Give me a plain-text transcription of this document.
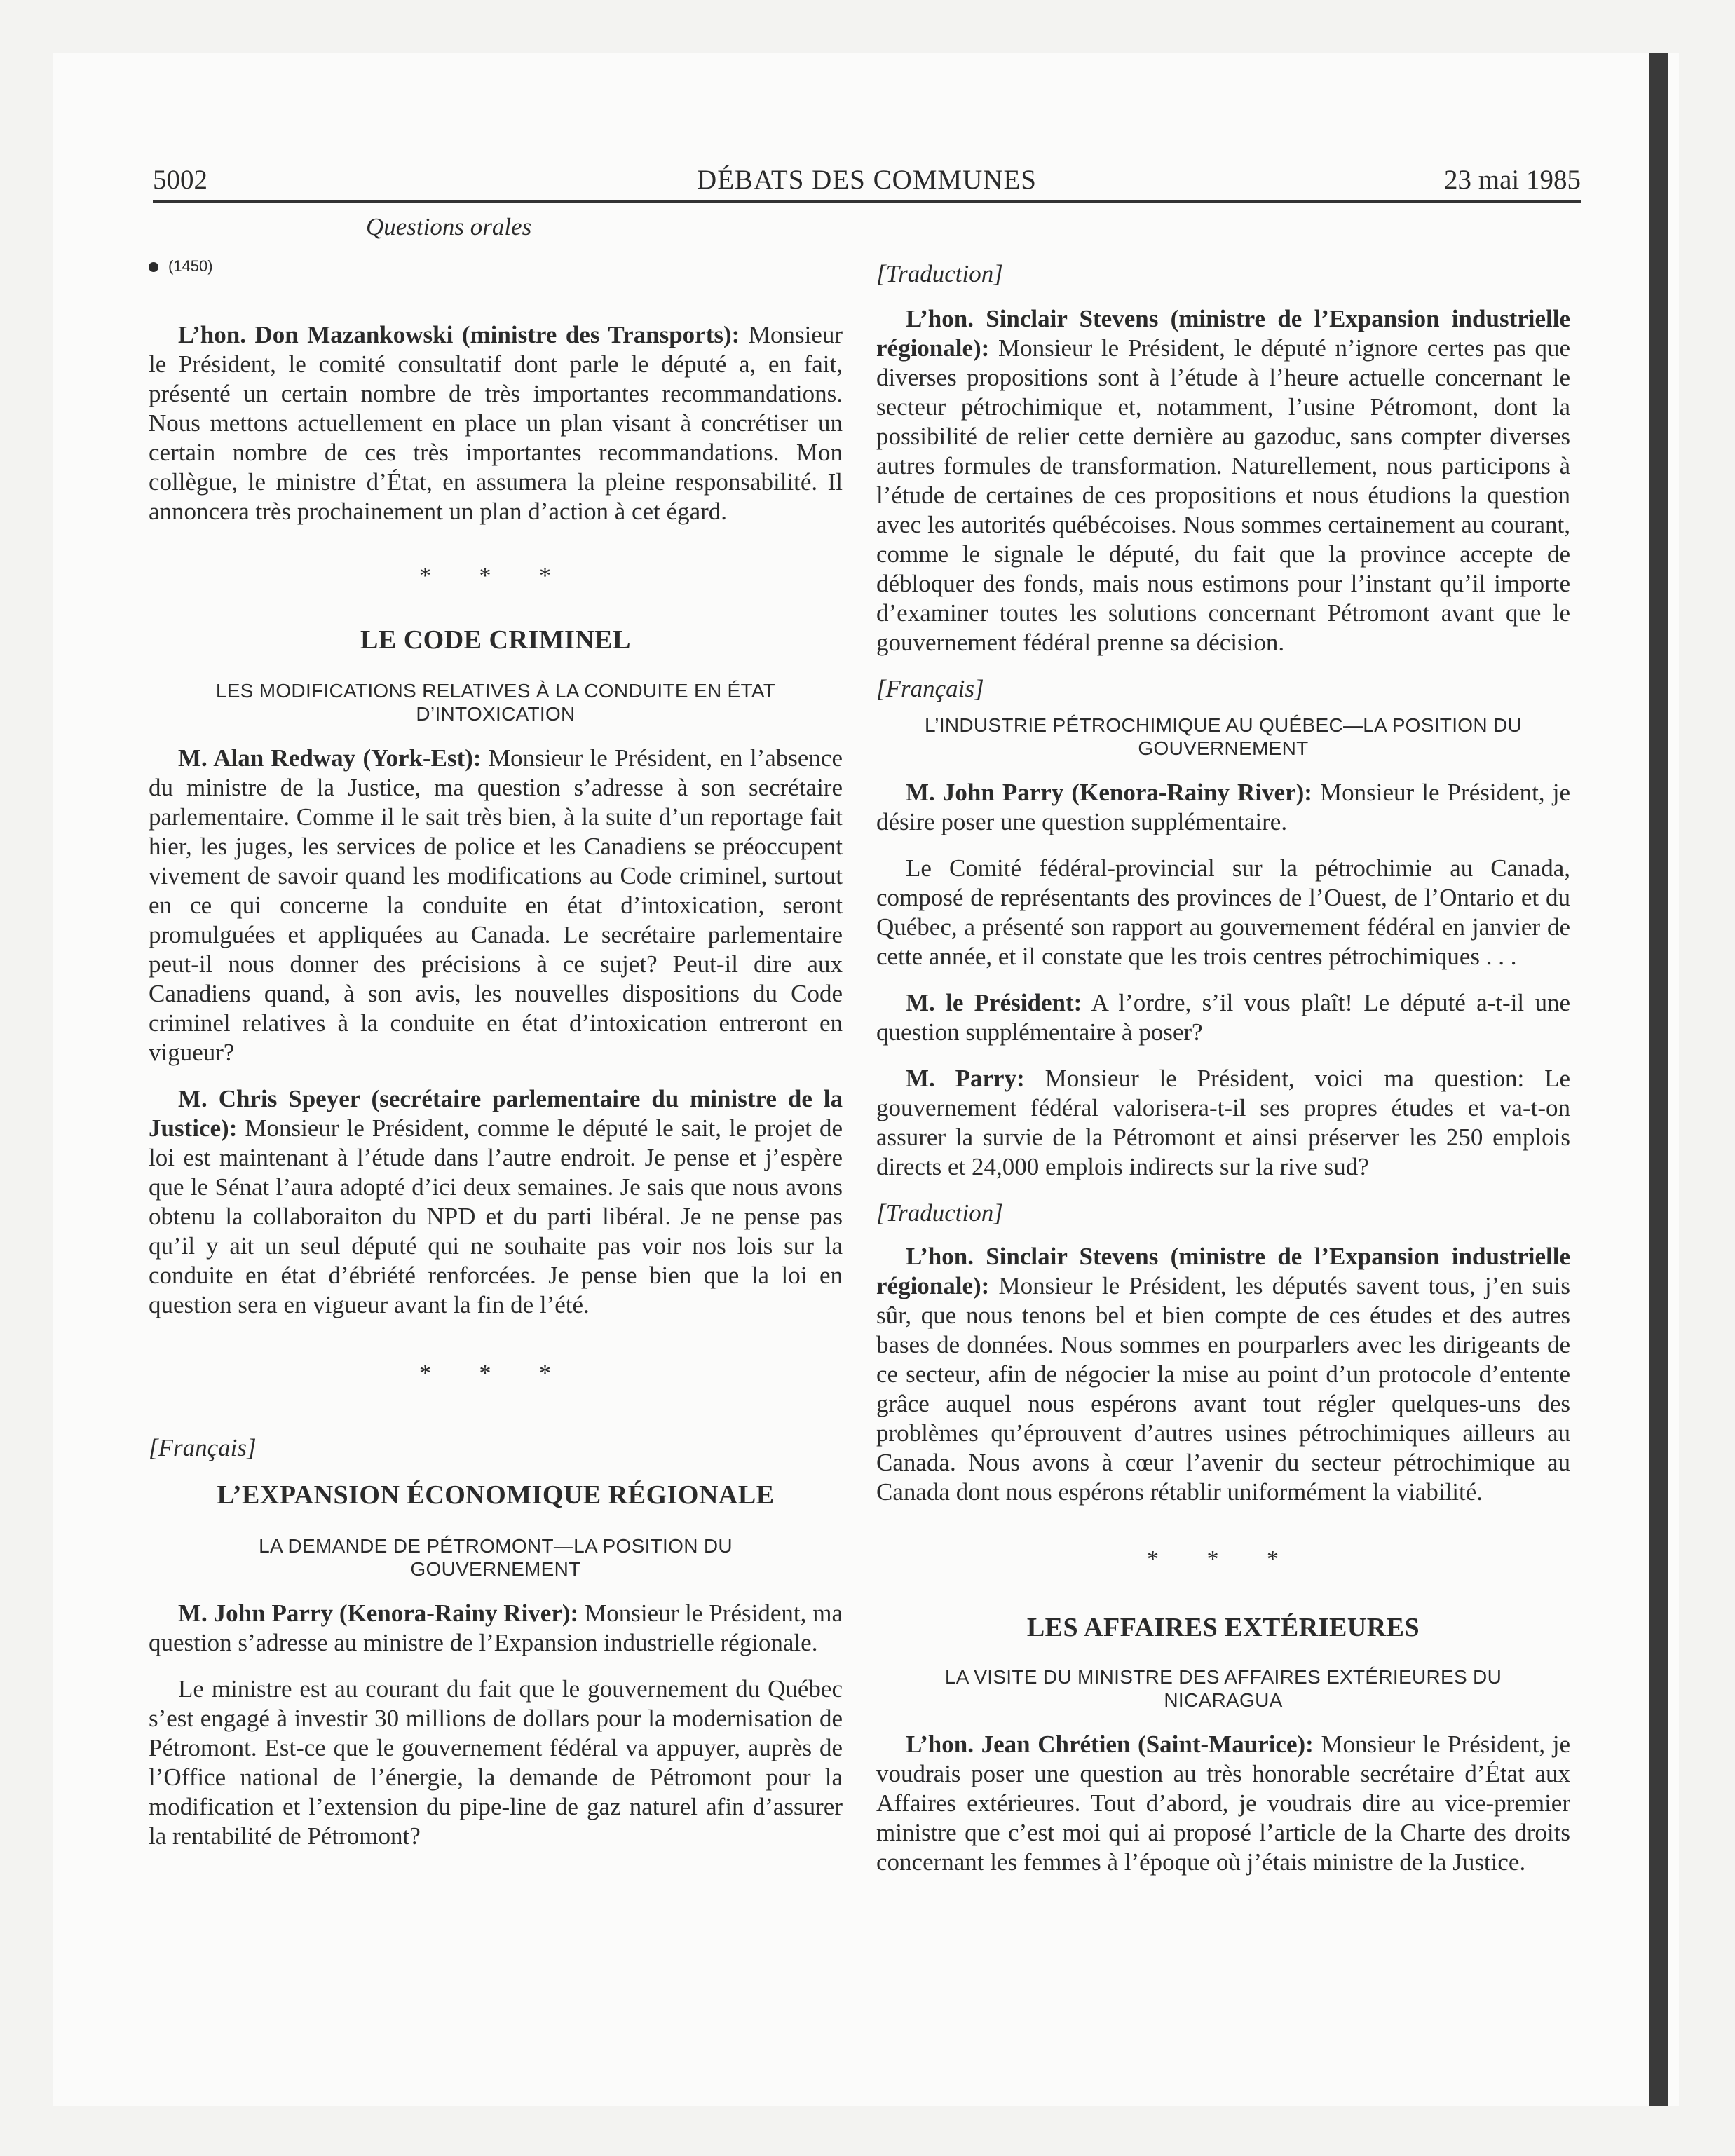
5002	DÉBATS DES COMMUNES	23 mai 1985
Questions orales
(1450)

L’hon. Don Mazankowski (ministre des Transports): Monsieur le Président, le comité consultatif dont parle le député a, en fait, présenté un certain nombre de très importantes recommandations. Nous mettons actuellement en place un plan visant à concrétiser un certain nombre de ces très importantes recommandations. Mon collègue, le ministre d’État, en assumera la pleine responsabilité. Il annoncera très prochainement un plan d’action à cet égard.

* * *
LE CODE CRIMINEL
LES MODIFICATIONS RELATIVES À LA CONDUITE EN ÉTAT D’INTOXICATION

M. Alan Redway (York-Est): Monsieur le Président, en l’absence du ministre de la Justice, ma question s’adresse à son secrétaire parlementaire. Comme il le sait très bien, à la suite d’un reportage fait hier, les juges, les services de police et les Canadiens se préoccupent vivement de savoir quand les modifications au Code criminel, surtout en ce qui concerne la conduite en état d’intoxication, seront promulguées et appliquées au Canada. Le secrétaire parlementaire peut-il nous donner des précisions à ce sujet? Peut-il dire aux Canadiens quand, à son avis, les nouvelles dispositions du Code criminel relatives à la conduite en état d’intoxication entreront en vigueur?

M. Chris Speyer (secrétaire parlementaire du ministre de la Justice): Monsieur le Président, comme le député le sait, le projet de loi est maintenant à l’étude dans l’autre endroit. Je pense et j’espère que le Sénat l’aura adopté d’ici deux semaines. Je sais que nous avons obtenu la collaboraiton du NPD et du parti libéral. Je ne pense pas qu’il y ait un seul député qui ne souhaite pas voir nos lois sur la conduite en état d’ébriété renforcées. Je pense bien que la loi en question sera en vigueur avant la fin de l’été.

* * *
[Français]
L’EXPANSION ÉCONOMIQUE RÉGIONALE
LA DEMANDE DE PÉTROMONT—LA POSITION DU GOUVERNEMENT

M. John Parry (Kenora-Rainy River): Monsieur le Président, ma question s’adresse au ministre de l’Expansion industrielle régionale.

Le ministre est au courant du fait que le gouvernement du Québec s’est engagé à investir 30 millions de dollars pour la modernisation de Pétromont. Est-ce que le gouvernement fédéral va appuyer, auprès de l’Office national de l’énergie, la demande de Pétromont pour la modification et l’extension du pipe-line de gaz naturel afin d’assurer la rentabilité de Pétromont?

[Traduction]

L’hon. Sinclair Stevens (ministre de l’Expansion industrielle régionale): Monsieur le Président, le député n’ignore certes pas que diverses propositions sont à l’étude à l’heure actuelle concernant le secteur pétrochimique et, notamment, l’usine Pétromont, dont la possibilité de relier cette dernière au gazoduc, sans compter diverses autres formules de transformation. Naturellement, nous participons à l’étude de certaines de ces propositions et nous étudions la question avec les autorités québécoises. Nous sommes certainement au courant, comme le signale le député, du fait que la province accepte de débloquer des fonds, mais nous estimons pour l’instant qu’il importe d’examiner toutes les solutions concernant Pétromont avant que le gouvernement fédéral prenne sa décision.

[Français]
L’INDUSTRIE PÉTROCHIMIQUE AU QUÉBEC—LA POSITION DU GOUVERNEMENT

M. John Parry (Kenora-Rainy River): Monsieur le Président, je désire poser une question supplémentaire.

Le Comité fédéral-provincial sur la pétrochimie au Canada, composé de représentants des provinces de l’Ouest, de l’Ontario et du Québec, a présenté son rapport au gouvernement fédéral en janvier de cette année, et il constate que les trois centres pétrochimiques . . .

M. le Président: A l’ordre, s’il vous plaît! Le député a-t-il une question supplémentaire à poser?

M. Parry: Monsieur le Président, voici ma question: Le gouvernement fédéral valorisera-t-il ses propres études et va-t-on assurer la survie de la Pétromont et ainsi préserver les 250 emplois directs et 24,000 emplois indirects sur la rive sud?

[Traduction]

L’hon. Sinclair Stevens (ministre de l’Expansion industrielle régionale): Monsieur le Président, les députés savent tous, j’en suis sûr, que nous tenons bel et bien compte de ces études et des autres bases de données. Nous sommes en pourparlers avec les dirigeants de ce secteur, afin de négocier la mise au point d’un protocole d’entente grâce auquel nous espérons avant tout régler quelques-uns des problèmes qu’éprouvent d’autres usines pétrochimiques ailleurs au Canada. Nous avons à cœur l’avenir du secteur pétrochimique au Canada dont nous espérons rétablir uniformément la viabilité.

* * *
LES AFFAIRES EXTÉRIEURES
LA VISITE DU MINISTRE DES AFFAIRES EXTÉRIEURES DU NICARAGUA

L’hon. Jean Chrétien (Saint-Maurice): Monsieur le Président, je voudrais poser une question au très honorable secrétaire d’État aux Affaires extérieures. Tout d’abord, je voudrais dire au vice-premier ministre que c’est moi qui ai proposé l’article de la Charte des droits concernant les femmes à l’époque où j’étais ministre de la Justice.
